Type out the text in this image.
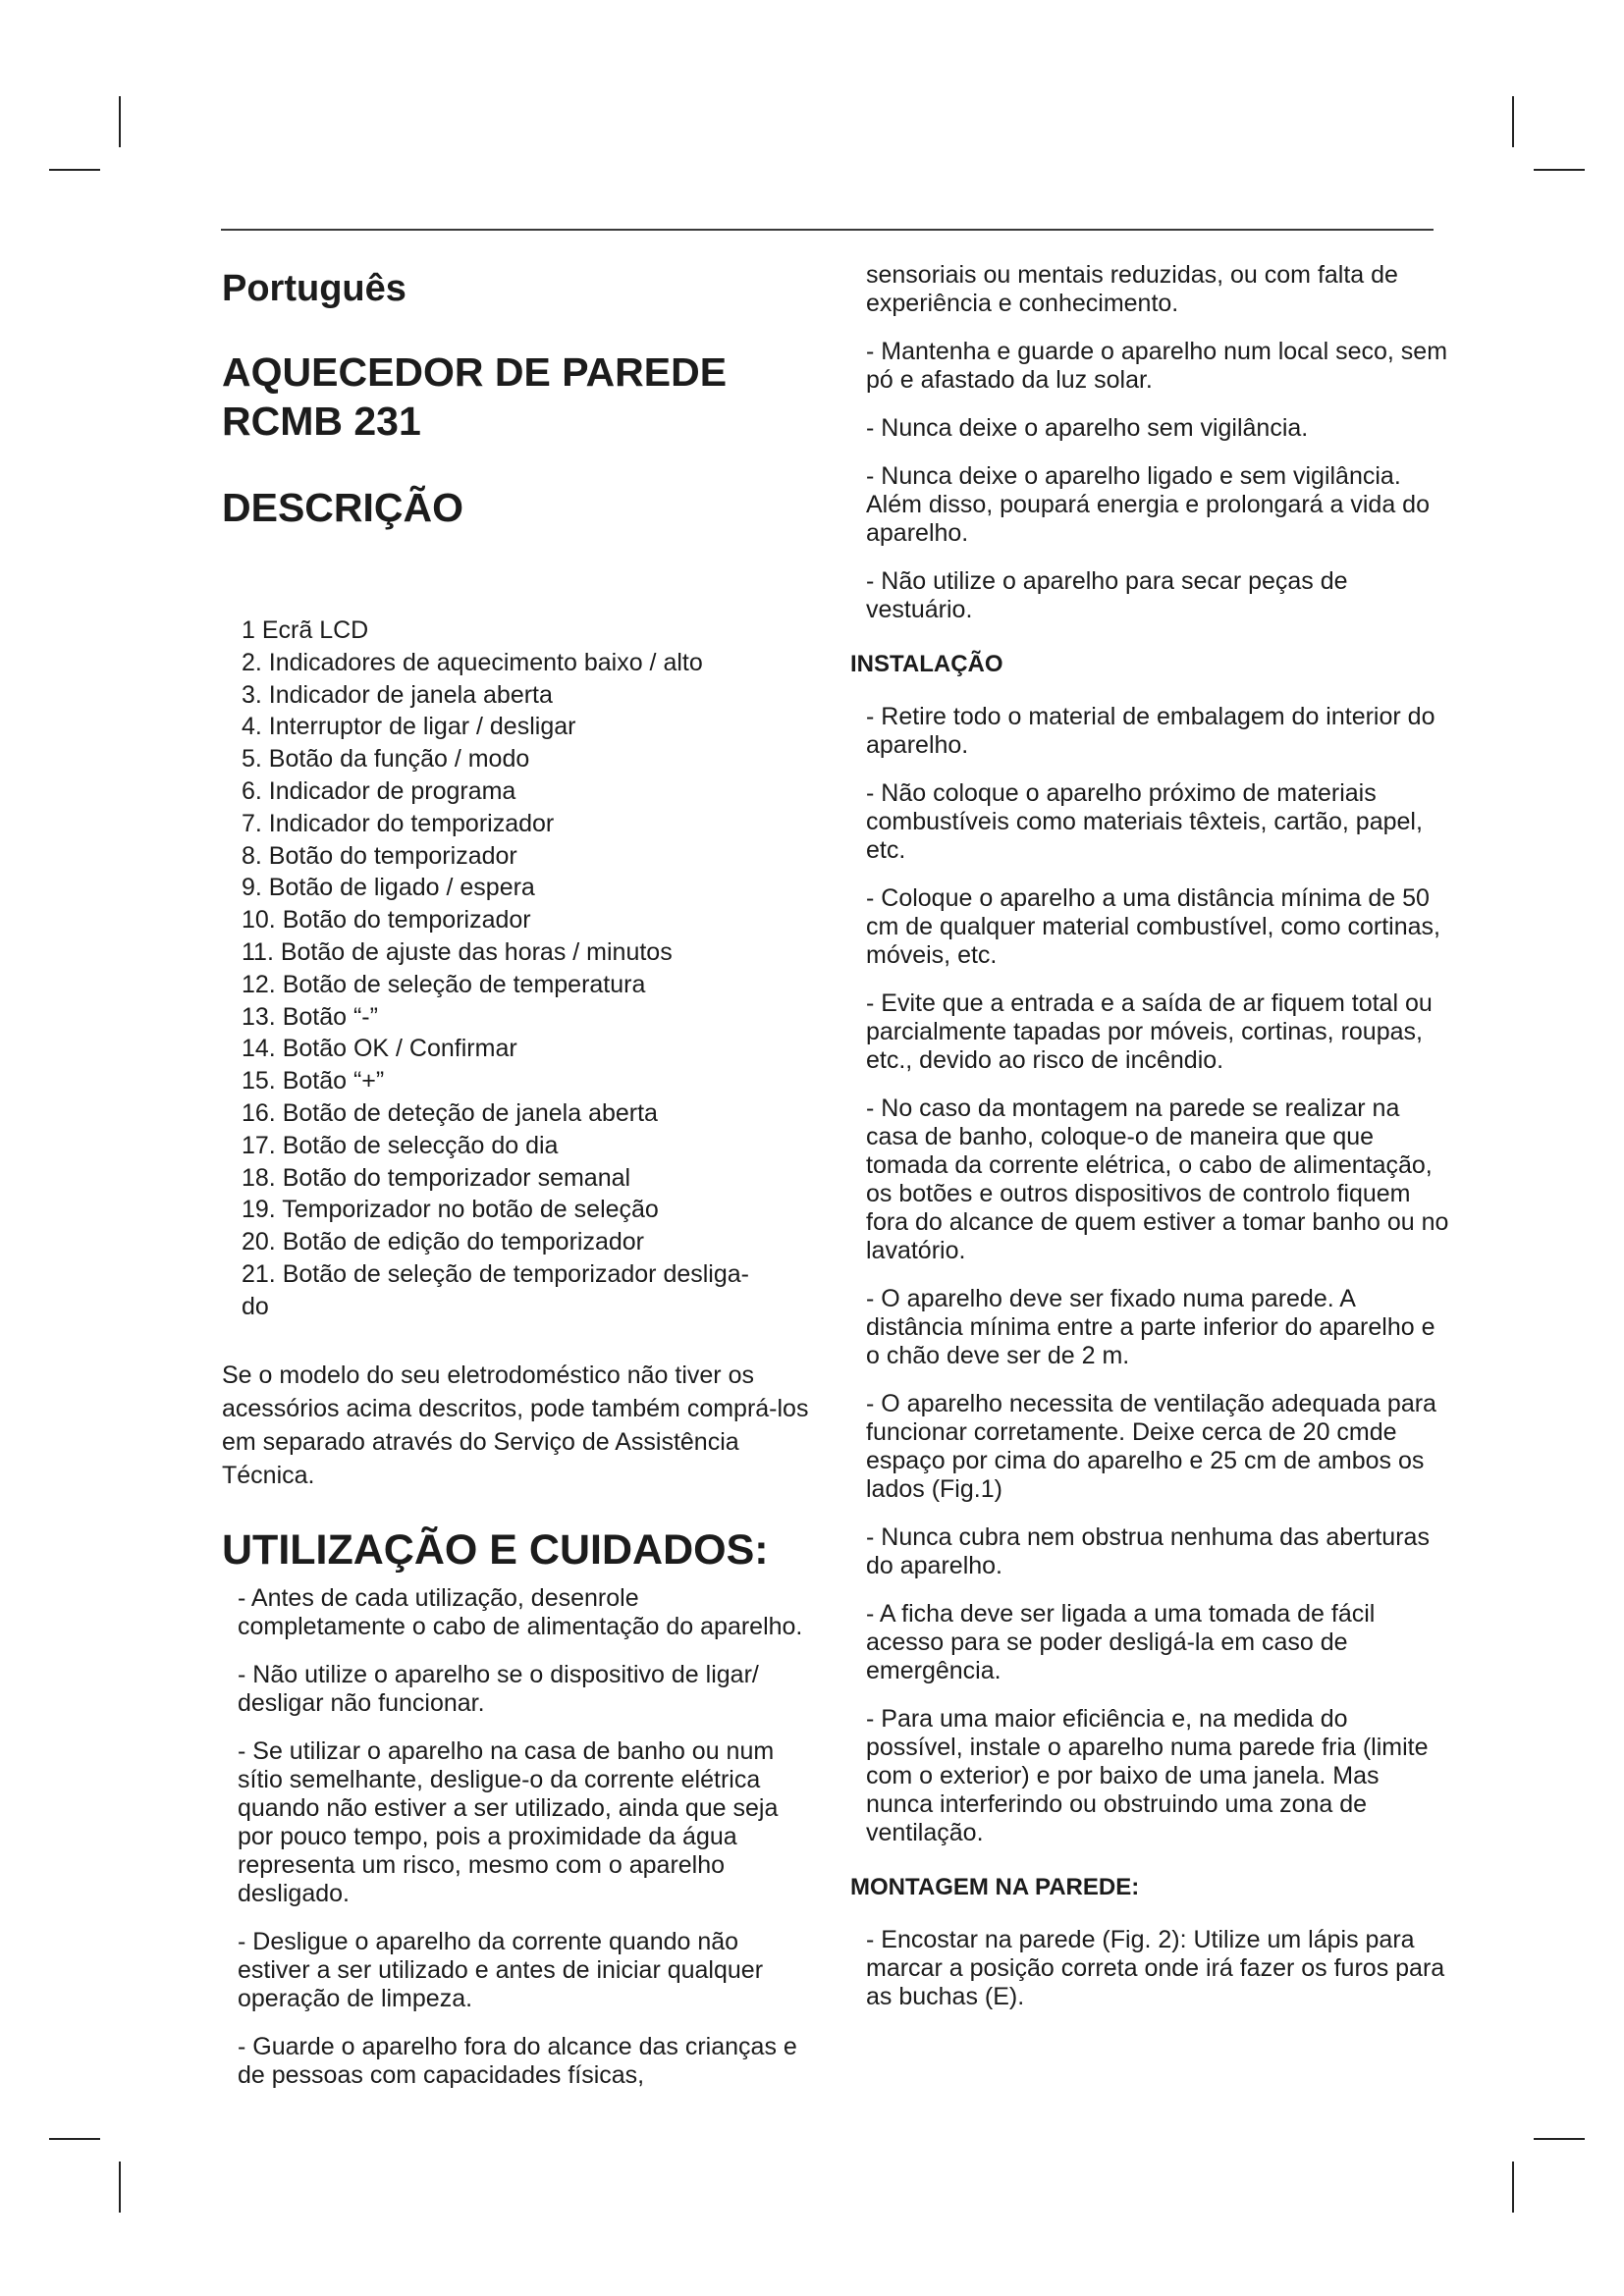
Português
AQUECEDOR DE PAREDE
RCMB 231
DESCRIÇÃO
1 Ecrã LCD
2. Indicadores de aquecimento baixo / alto
3. Indicador de janela aberta
4. Interruptor de ligar / desligar
5. Botão da função / modo
6. Indicador de programa
7. Indicador do temporizador
8. Botão do temporizador
9. Botão de ligado / espera
10. Botão do temporizador
11. Botão de ajuste das horas / minutos
12. Botão de seleção de temperatura
13. Botão “-”
14. Botão OK / Confirmar
15. Botão “+”
16. Botão de deteção de janela aberta
17. Botão de selecção do dia
18. Botão do temporizador semanal
19. Temporizador no botão de seleção
20. Botão de edição do temporizador
21. Botão de seleção de temporizador desliga-
do

Se o modelo do seu eletrodoméstico não tiver os acessórios acima descritos, pode também comprá-los em separado através do Serviço de Assistência Técnica.

UTILIZAÇÃO E CUIDADOS:
- Antes de cada utilização, desenrole completamente o cabo de alimentação do aparelho.
- Não utilize o aparelho se o dispositivo de ligar/ desligar não funcionar.
- Se utilizar o aparelho na casa de banho ou num sítio semelhante, desligue-o da corrente elétrica quando não estiver a ser utilizado, ainda que seja por pouco tempo, pois a proximidade da água representa um risco, mesmo com o aparelho desligado.
- Desligue o aparelho da corrente quando não estiver a ser utilizado e antes de iniciar qualquer operação de limpeza.
- Guarde o aparelho fora do alcance das crianças e de pessoas com capacidades físicas,
sensoriais ou mentais reduzidas, ou com falta de experiência e conhecimento.
- Mantenha e guarde o aparelho num local seco, sem pó e afastado da luz solar.
- Nunca deixe o aparelho sem vigilância.
- Nunca deixe o aparelho ligado e sem vigilância. Além disso, poupará energia e prolongará a vida do aparelho.
- Não utilize o aparelho para secar peças de vestuário.
INSTALAÇÃO
- Retire todo o material de embalagem do interior do aparelho.
- Não coloque o aparelho próximo de materiais combustíveis como materiais têxteis, cartão, papel, etc.
- Coloque o aparelho a uma distância mínima de 50 cm de qualquer material combustível, como cortinas, móveis, etc.
- Evite que a entrada e a saída de ar fiquem total ou parcialmente tapadas por móveis, cortinas, roupas, etc., devido ao risco de incêndio.
- No caso da montagem na parede se realizar na casa de banho, coloque-o de maneira que que tomada da corrente elétrica, o cabo de alimentação, os botões e outros dispositivos de controlo fiquem fora do alcance de quem estiver a tomar banho ou no lavatório.
- O aparelho deve ser fixado numa parede. A distância mínima entre a parte inferior do aparelho e o chão deve ser de 2 m.
- O aparelho necessita de ventilação adequada para funcionar corretamente. Deixe cerca de 20 cmde espaço por cima do aparelho e 25 cm de ambos os lados (Fig.1)
- Nunca cubra nem obstrua nenhuma das aberturas do aparelho.
- A ficha deve ser ligada a uma tomada de fácil acesso para se poder desligá-la em caso de emergência.
- Para uma maior eficiência e, na medida do possível, instale o aparelho numa parede fria (limite com o exterior) e por baixo de uma janela. Mas nunca interferindo ou obstruindo uma zona de ventilação.
MONTAGEM NA PAREDE:
- Encostar na parede (Fig. 2): Utilize um lápis para marcar a posição correta onde irá fazer os furos para as buchas (E).
